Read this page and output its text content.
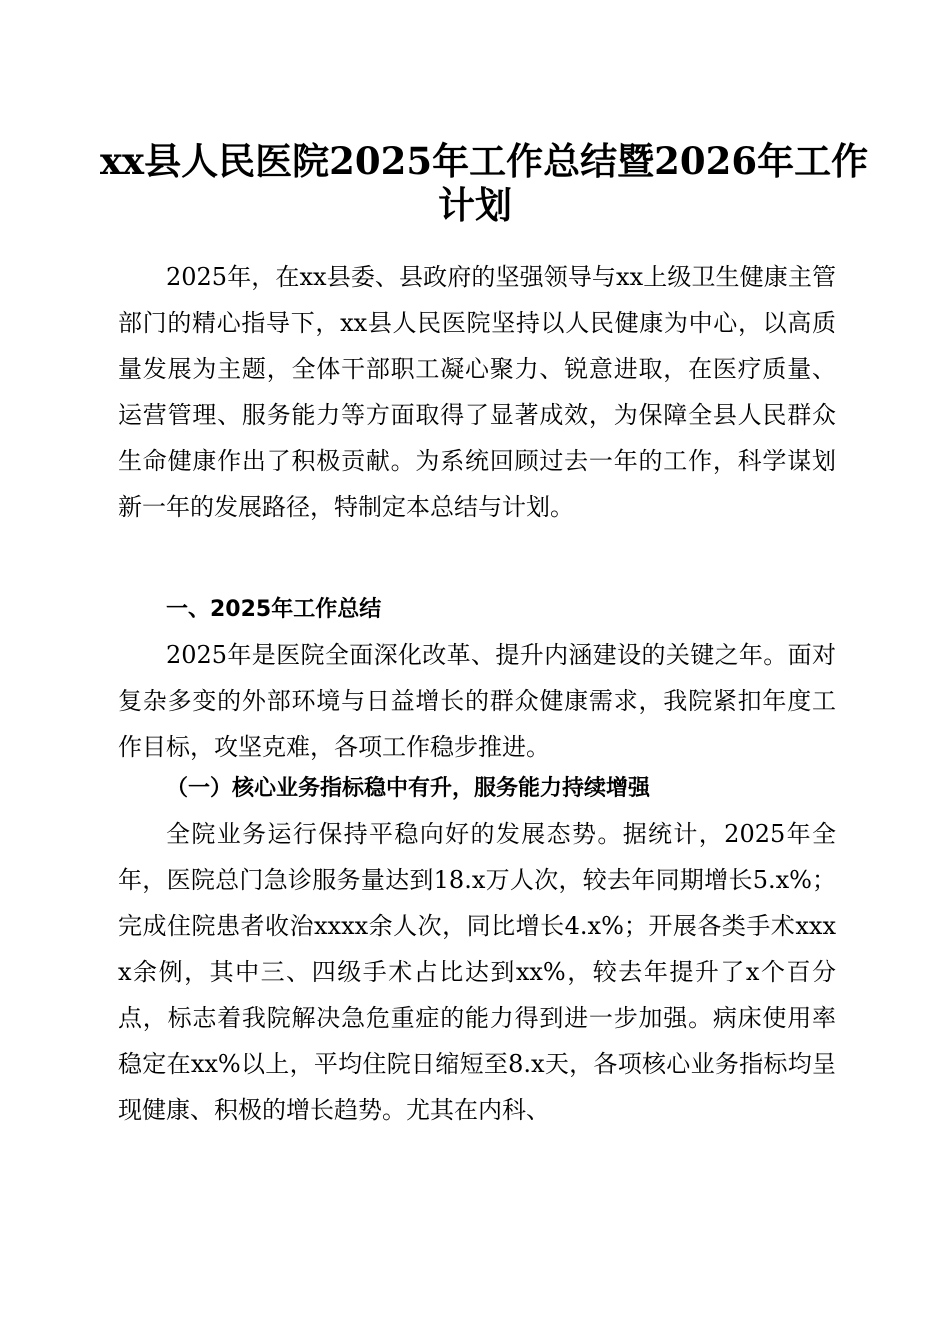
xx县人民医院2025年工作总结暨2026年工作
计划

2025年，在xx县委、县政府的坚强领导与xx上级卫生健康主管部门的精心指导下，xx县人民医院坚持以人民健康为中心，以高质量发展为主题，全体干部职工凝心聚力、锐意进取，在医疗质量、运营管理、服务能力等方面取得了显著成效，为保障全县人民群众生命健康作出了积极贡献。为系统回顾过去一年的工作，科学谋划新一年的发展路径，特制定本总结与计划。

一、2025年工作总结

2025年是医院全面深化改革、提升内涵建设的关键之年。面对复杂多变的外部环境与日益增长的群众健康需求，我院紧扣年度工作目标，攻坚克难，各项工作稳步推进。

（一）核心业务指标稳中有升，服务能力持续增强

全院业务运行保持平稳向好的发展态势。据统计，2025年全年，医院总门急诊服务量达到18.x万人次，较去年同期增长5.x%；完成住院患者收治xxxx余人次，同比增长4.x%；开展各类手术xxxx余例，其中三、四级手术占比达到xx%，较去年提升了x个百分点，标志着我院解决急危重症的能力得到进一步加强。病床使用率稳定在xx%以上，平均住院日缩短至8.x天，各项核心业务指标均呈现健康、积极的增长趋势。尤其在内科、
